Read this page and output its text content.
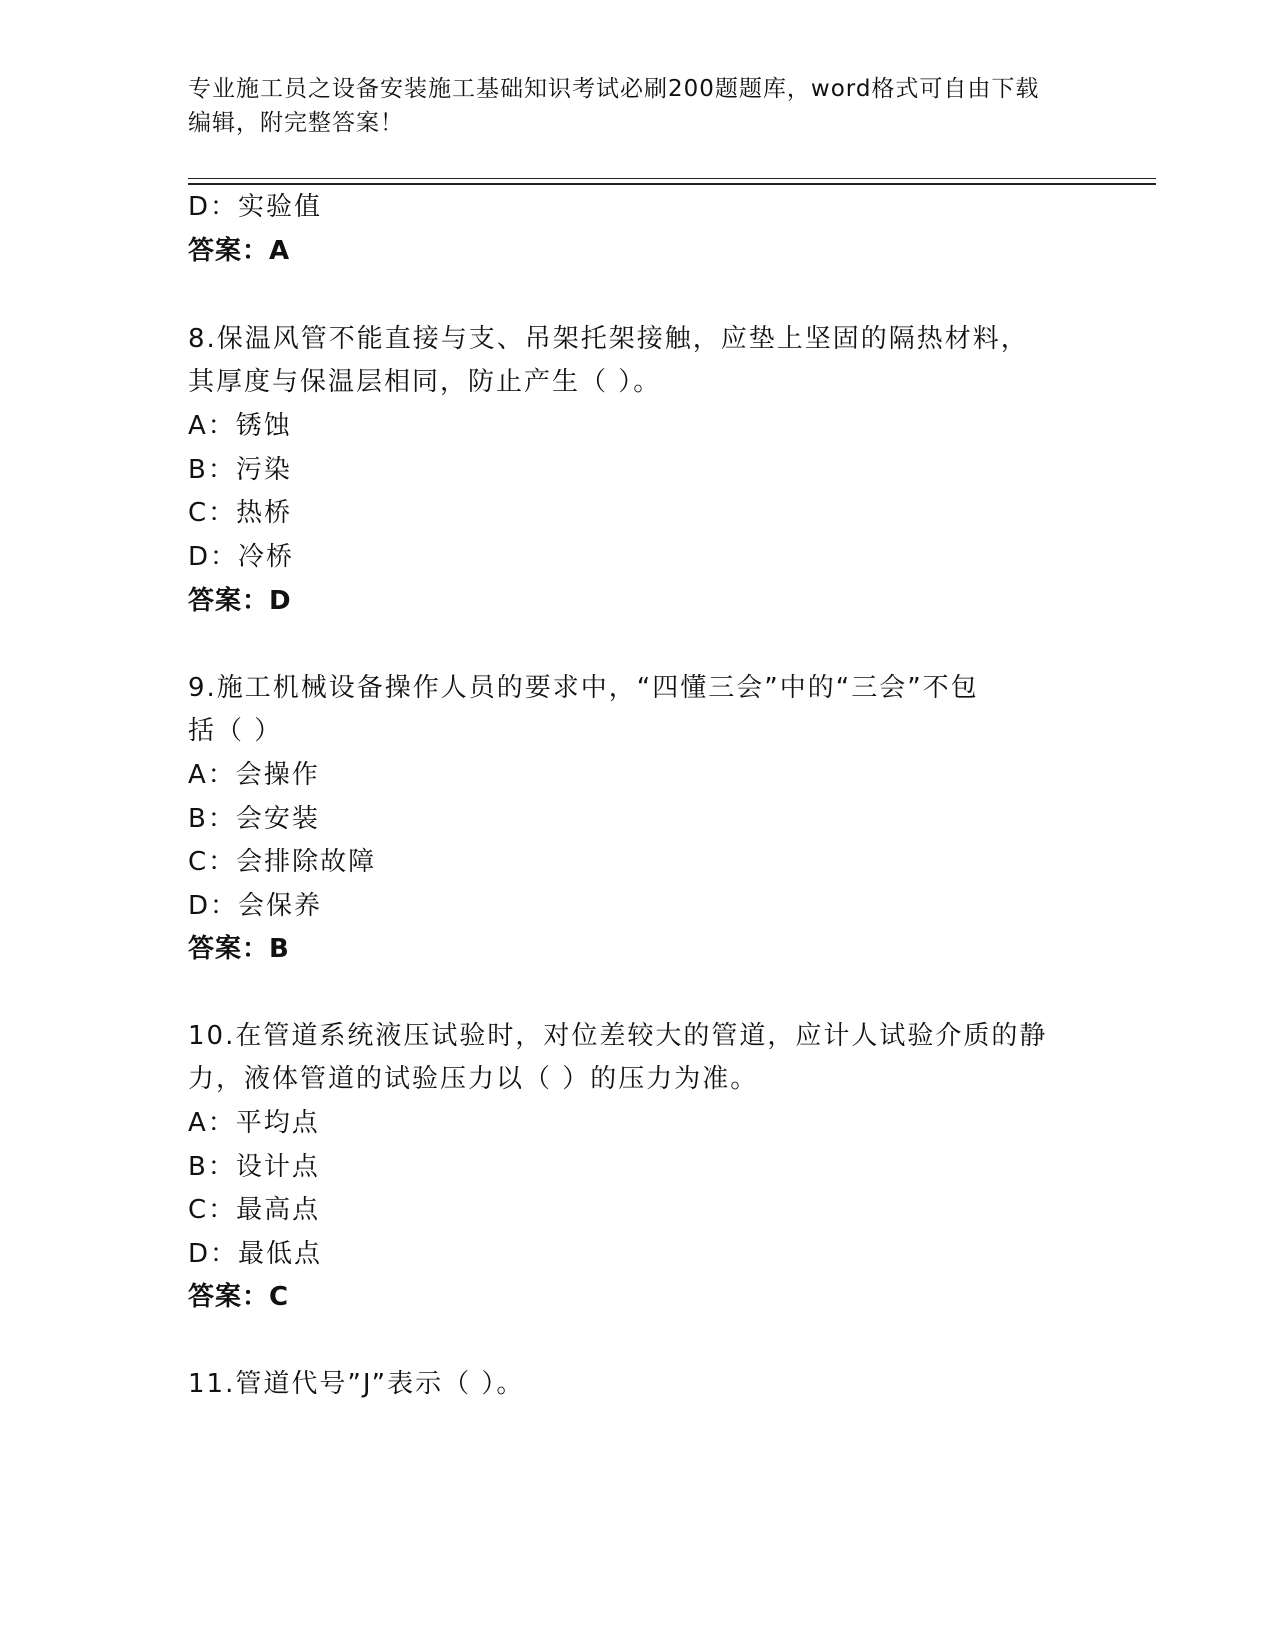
专业施工员之设备安装施工基础知识考试必刷200题题库，word格式可自由下载
编辑，附完整答案！
D：实验值
答案：A
8.保温风管不能直接与支、吊架托架接触，应垫上坚固的隔热材料，
其厚度与保温层相同，防止产生（ ）。
A：锈蚀
B：污染
C：热桥
D：冷桥
答案：D
9.施工机械设备操作人员的要求中，“四懂三会”中的“三会”不包
括（ ）
A：会操作
B：会安装
C：会排除故障
D：会保养
答案：B
10.在管道系统液压试验时，对位差较大的管道，应计人试验介质的静
力，液体管道的试验压力以（ ）的压力为准。
A：平均点
B：设计点
C：最高点
D：最低点
答案：C
11.管道代号”J”表示（ ）。
